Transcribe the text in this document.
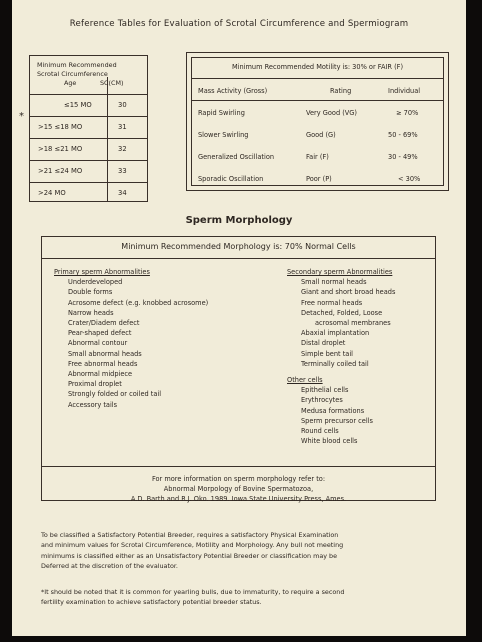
Reference Tables for Evaluation of Scrotal Circumference and Spermiogram
*
Minimum Recommended
Scrotal Circumference
Age	SC(CM)
≤15 MO	30
>15 ≤18 MO	31
>18 ≤21 MO	32
>21 ≤24 MO	33
>24 MO	34
Minimum Recommended Motility is: 30% or FAIR (F)
Mass Activity (Gross)	Rating	Individual
Rapid Swirling	Very Good (VG)	≥ 70%
Slower Swirling	Good (G)	50 - 69%
Generalized Oscillation	Fair (F)	30 - 49%
Sporadic Oscillation	Poor (P)	< 30%
Sperm Morphology
Minimum Recommended Morphology is: 70% Normal Cells
Primary sperm Abnormalities
Underdeveloped
Double forms
Acrosome defect (e.g. knobbed acrosome)
Narrow heads
Crater/Diadem defect
Pear-shaped defect
Abnormal contour
Small abnormal heads
Free abnormal heads
Abnormal midpiece
Proximal droplet
Strongly folded or coiled tail
Accessory tails
Secondary sperm Abnormalities
Small normal heads
Giant and short broad heads
Free normal heads
Detached, Folded, Loose
acrosomal membranes
Abaxial implantation
Distal droplet
Simple bent tail
Terminally coiled tail
Other cells
Epithelial cells
Erythrocytes
Medusa formations
Sperm precursor cells
Round cells
White blood cells
For more information on sperm morphology refer to:
Abnormal Morpology of Bovine Spermatozoa,
A.D. Barth and R.J. Oko. 1989. Iowa State University Press, Ames.
To be classified a Satisfactory Potential Breeder, requires a satisfactory Physical Examination
and minimum values for Scrotal Circumference, Motility and Morphology. Any bull not meeting
minimums is classified either as an Unsatisfactory Potential Breeder or classification may be
Deferred at the discretion of the evaluator.
*It should be noted that it is common for yearling bulls, due to immaturity, to require a second
fertility examination to achieve satisfactory potential breeder status.
